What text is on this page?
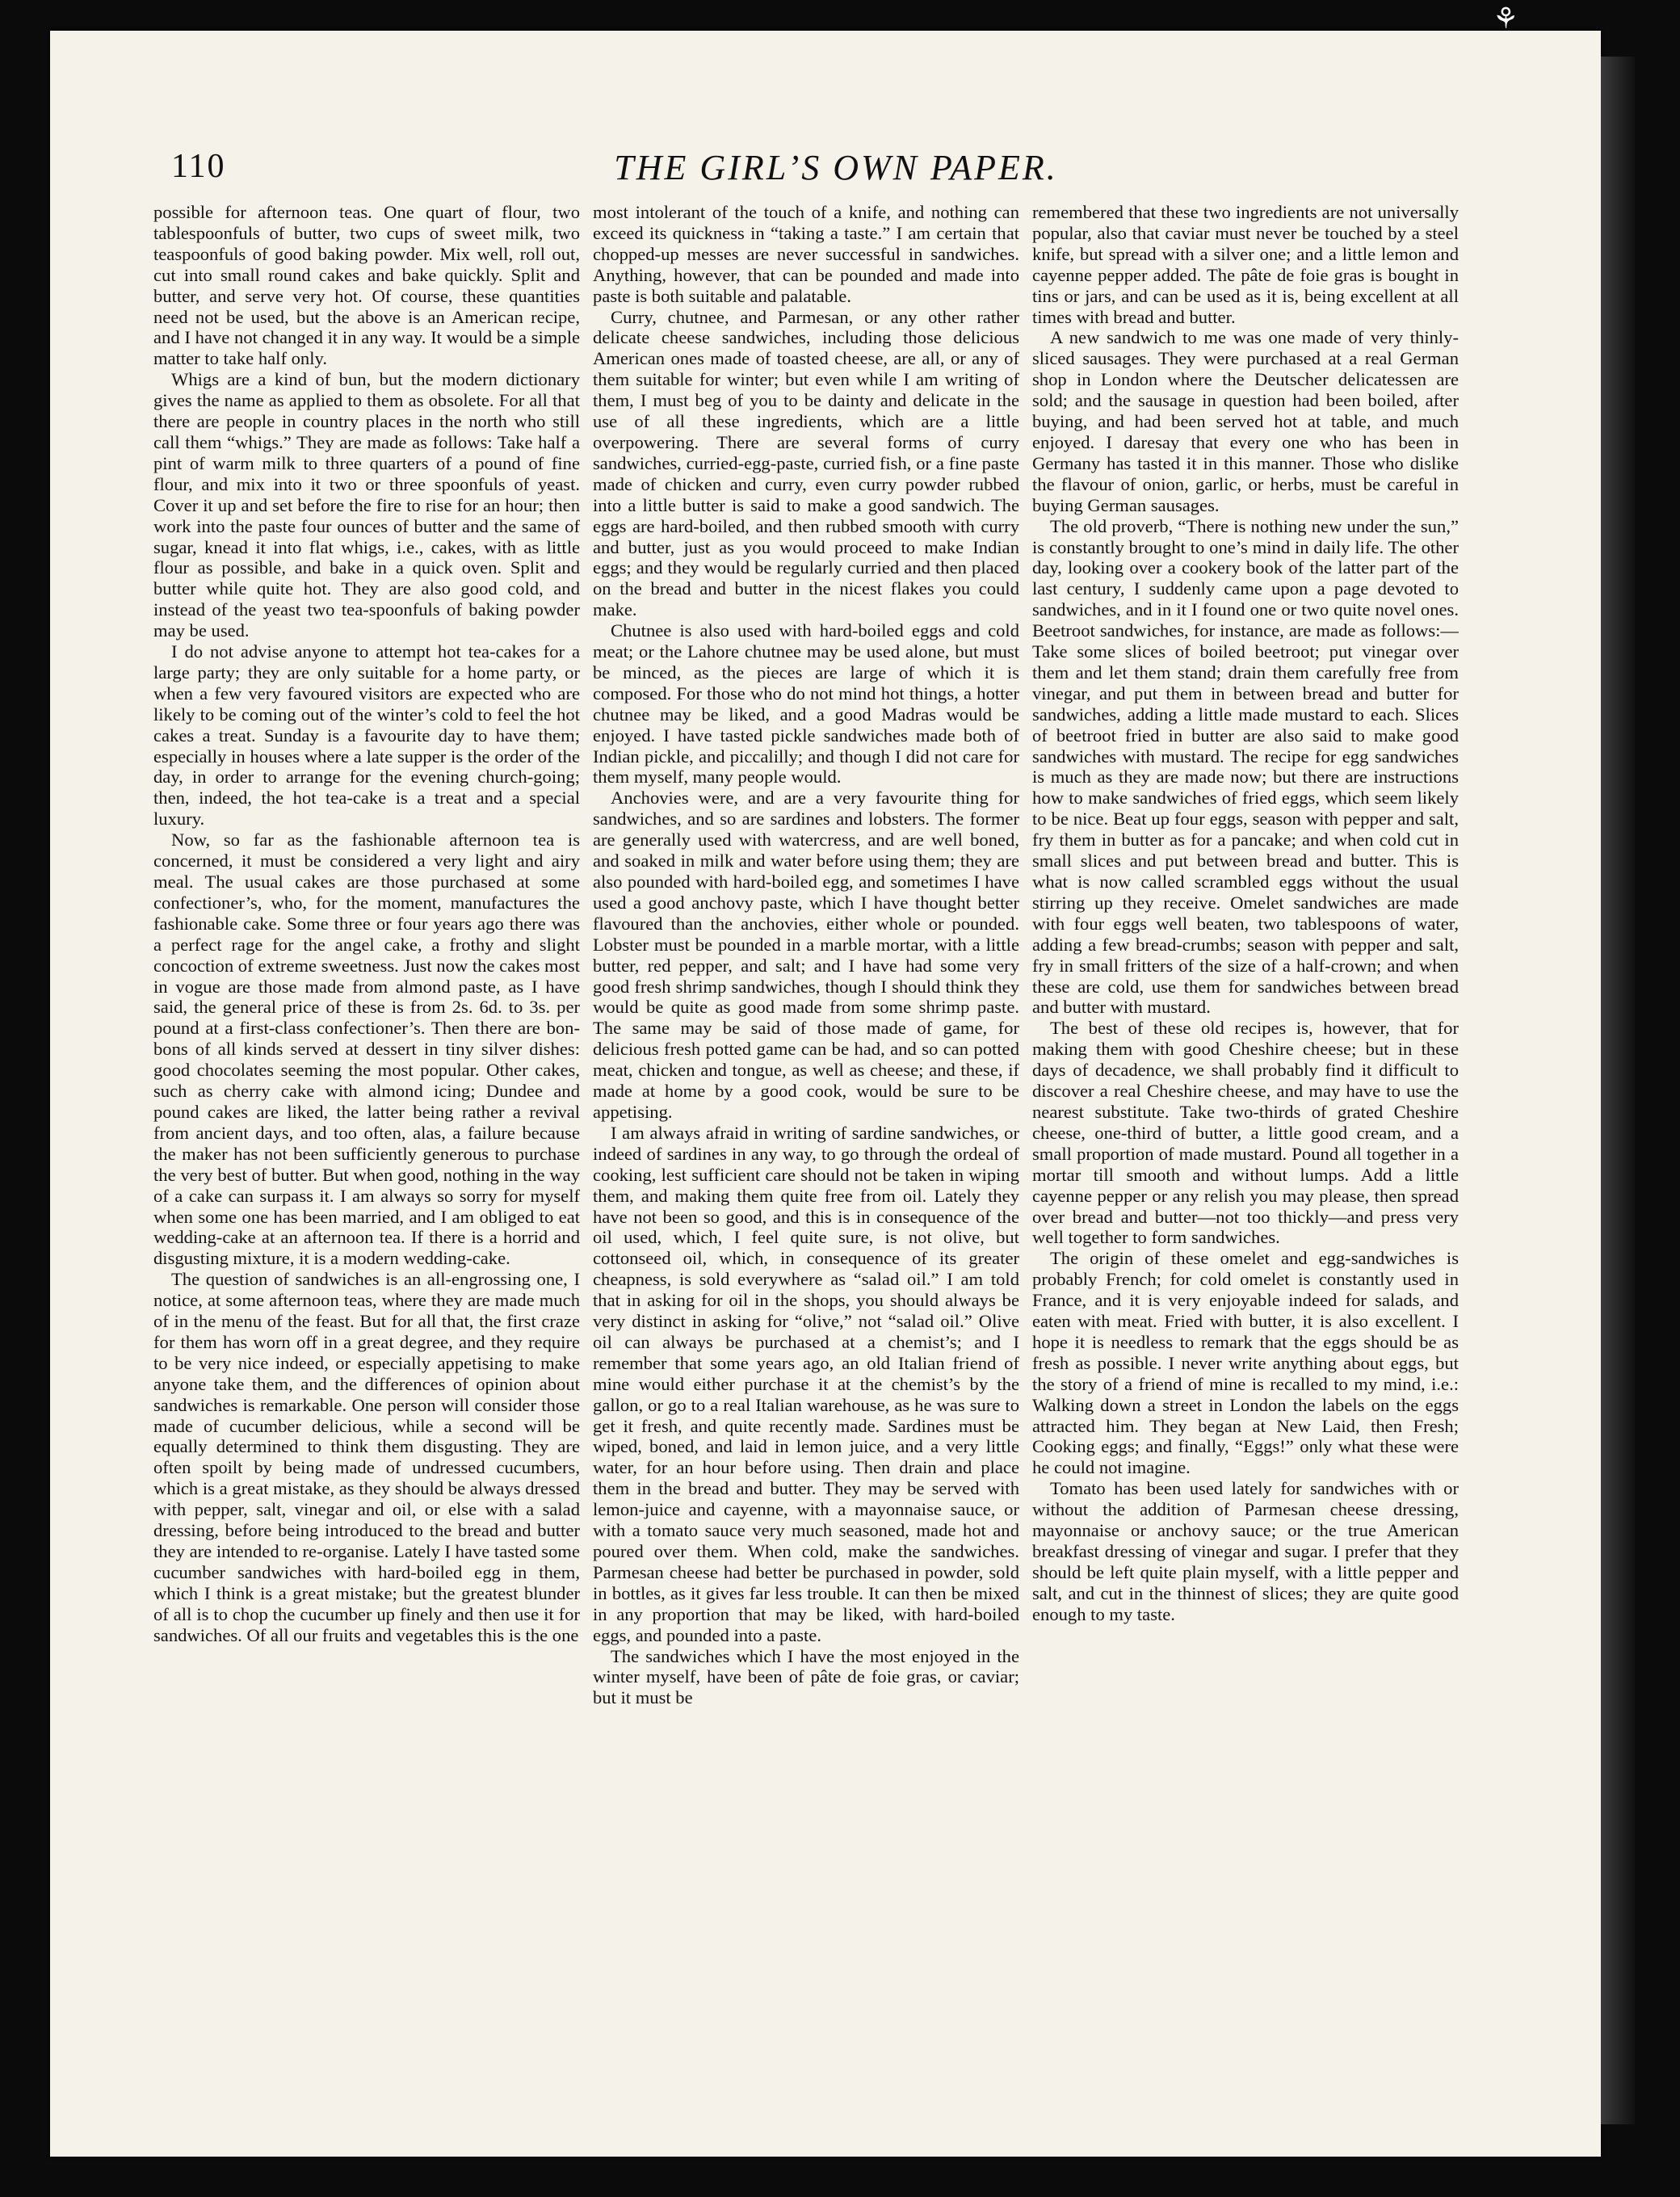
⚘
110	THE GIRL’S OWN PAPER.

possible for afternoon teas. One quart of flour, two tablespoonfuls of butter, two cups of sweet milk, two teaspoonfuls of good baking powder. Mix well, roll out, cut into small round cakes and bake quickly. Split and butter, and serve very hot. Of course, these quantities need not be used, but the above is an American recipe, and I have not changed it in any way. It would be a simple matter to take half only.

Whigs are a kind of bun, but the modern dictionary gives the name as applied to them as obsolete. For all that there are people in country places in the north who still call them “whigs.” They are made as follows: Take half a pint of warm milk to three quarters of a pound of fine flour, and mix into it two or three spoonfuls of yeast. Cover it up and set before the fire to rise for an hour; then work into the paste four ounces of butter and the same of sugar, knead it into flat whigs, i.e., cakes, with as little flour as possible, and bake in a quick oven. Split and butter while quite hot. They are also good cold, and instead of the yeast two tea-spoonfuls of baking powder may be used.

I do not advise anyone to attempt hot tea-cakes for a large party; they are only suitable for a home party, or when a few very favoured visitors are expected who are likely to be coming out of the winter’s cold to feel the hot cakes a treat. Sunday is a favourite day to have them; especially in houses where a late supper is the order of the day, in order to arrange for the evening church-going; then, indeed, the hot tea-cake is a treat and a special luxury.

Now, so far as the fashionable afternoon tea is concerned, it must be considered a very light and airy meal. The usual cakes are those purchased at some confectioner’s, who, for the moment, manufactures the fashionable cake. Some three or four years ago there was a perfect rage for the angel cake, a frothy and slight concoction of extreme sweetness. Just now the cakes most in vogue are those made from almond paste, as I have said, the general price of these is from 2s. 6d. to 3s. per pound at a first-class confectioner’s. Then there are bon-bons of all kinds served at dessert in tiny silver dishes: good chocolates seeming the most popular. Other cakes, such as cherry cake with almond icing; Dundee and pound cakes are liked, the latter being rather a revival from ancient days, and too often, alas, a failure because the maker has not been sufficiently generous to purchase the very best of butter. But when good, nothing in the way of a cake can surpass it. I am always so sorry for myself when some one has been married, and I am obliged to eat wedding-cake at an afternoon tea. If there is a horrid and disgusting mixture, it is a modern wedding-cake.

The question of sandwiches is an all-engrossing one, I notice, at some afternoon teas, where they are made much of in the menu of the feast. But for all that, the first craze for them has worn off in a great degree, and they require to be very nice indeed, or especially appetising to make anyone take them, and the differences of opinion about sandwiches is remarkable. One person will consider those made of cucumber delicious, while a second will be equally determined to think them disgusting. They are often spoilt by being made of undressed cucumbers, which is a great mistake, as they should be always dressed with pepper, salt, vinegar and oil, or else with a salad dressing, before being introduced to the bread and butter they are intended to re-organise. Lately I have tasted some cucumber sandwiches with hard-boiled egg in them, which I think is a great mistake; but the greatest blunder of all is to chop the cucumber up finely and then use it for sandwiches. Of all our fruits and vegetables this is the one

most intolerant of the touch of a knife, and nothing can exceed its quickness in “taking a taste.” I am certain that chopped-up messes are never successful in sandwiches. Anything, however, that can be pounded and made into paste is both suitable and palatable.

Curry, chutnee, and Parmesan, or any other rather delicate cheese sandwiches, including those delicious American ones made of toasted cheese, are all, or any of them suitable for winter; but even while I am writing of them, I must beg of you to be dainty and delicate in the use of all these ingredients, which are a little overpowering. There are several forms of curry sandwiches, curried-egg-paste, curried fish, or a fine paste made of chicken and curry, even curry powder rubbed into a little butter is said to make a good sandwich. The eggs are hard-boiled, and then rubbed smooth with curry and butter, just as you would proceed to make Indian eggs; and they would be regularly curried and then placed on the bread and butter in the nicest flakes you could make.

Chutnee is also used with hard-boiled eggs and cold meat; or the Lahore chutnee may be used alone, but must be minced, as the pieces are large of which it is composed. For those who do not mind hot things, a hotter chutnee may be liked, and a good Madras would be enjoyed. I have tasted pickle sandwiches made both of Indian pickle, and piccalilly; and though I did not care for them myself, many people would.

Anchovies were, and are a very favourite thing for sandwiches, and so are sardines and lobsters. The former are generally used with watercress, and are well boned, and soaked in milk and water before using them; they are also pounded with hard-boiled egg, and sometimes I have used a good anchovy paste, which I have thought better flavoured than the anchovies, either whole or pounded. Lobster must be pounded in a marble mortar, with a little butter, red pepper, and salt; and I have had some very good fresh shrimp sandwiches, though I should think they would be quite as good made from some shrimp paste. The same may be said of those made of game, for delicious fresh potted game can be had, and so can potted meat, chicken and tongue, as well as cheese; and these, if made at home by a good cook, would be sure to be appetising.

I am always afraid in writing of sardine sandwiches, or indeed of sardines in any way, to go through the ordeal of cooking, lest sufficient care should not be taken in wiping them, and making them quite free from oil. Lately they have not been so good, and this is in consequence of the oil used, which, I feel quite sure, is not olive, but cottonseed oil, which, in consequence of its greater cheapness, is sold everywhere as “salad oil.” I am told that in asking for oil in the shops, you should always be very distinct in asking for “olive,” not “salad oil.” Olive oil can always be purchased at a chemist’s; and I remember that some years ago, an old Italian friend of mine would either purchase it at the chemist’s by the gallon, or go to a real Italian warehouse, as he was sure to get it fresh, and quite recently made. Sardines must be wiped, boned, and laid in lemon juice, and a very little water, for an hour before using. Then drain and place them in the bread and butter. They may be served with lemon-juice and cayenne, with a mayonnaise sauce, or with a tomato sauce very much seasoned, made hot and poured over them. When cold, make the sandwiches. Parmesan cheese had better be purchased in powder, sold in bottles, as it gives far less trouble. It can then be mixed in any proportion that may be liked, with hard-boiled eggs, and pounded into a paste.

The sandwiches which I have the most enjoyed in the winter myself, have been of pâte de foie gras, or caviar; but it must be

remembered that these two ingredients are not universally popular, also that caviar must never be touched by a steel knife, but spread with a silver one; and a little lemon and cayenne pepper added. The pâte de foie gras is bought in tins or jars, and can be used as it is, being excellent at all times with bread and butter.

A new sandwich to me was one made of very thinly-sliced sausages. They were purchased at a real German shop in London where the Deutscher delicatessen are sold; and the sausage in question had been boiled, after buying, and had been served hot at table, and much enjoyed. I daresay that every one who has been in Germany has tasted it in this manner. Those who dislike the flavour of onion, garlic, or herbs, must be careful in buying German sausages.

The old proverb, “There is nothing new under the sun,” is constantly brought to one’s mind in daily life. The other day, looking over a cookery book of the latter part of the last century, I suddenly came upon a page devoted to sandwiches, and in it I found one or two quite novel ones. Beetroot sandwiches, for instance, are made as follows:—Take some slices of boiled beetroot; put vinegar over them and let them stand; drain them carefully free from vinegar, and put them in between bread and butter for sandwiches, adding a little made mustard to each. Slices of beetroot fried in butter are also said to make good sandwiches with mustard. The recipe for egg sandwiches is much as they are made now; but there are instructions how to make sandwiches of fried eggs, which seem likely to be nice. Beat up four eggs, season with pepper and salt, fry them in butter as for a pancake; and when cold cut in small slices and put between bread and butter. This is what is now called scrambled eggs without the usual stirring up they receive. Omelet sandwiches are made with four eggs well beaten, two tablespoons of water, adding a few bread-crumbs; season with pepper and salt, fry in small fritters of the size of a half-crown; and when these are cold, use them for sandwiches between bread and butter with mustard.

The best of these old recipes is, however, that for making them with good Cheshire cheese; but in these days of decadence, we shall probably find it difficult to discover a real Cheshire cheese, and may have to use the nearest substitute. Take two-thirds of grated Cheshire cheese, one-third of butter, a little good cream, and a small proportion of made mustard. Pound all together in a mortar till smooth and without lumps. Add a little cayenne pepper or any relish you may please, then spread over bread and butter—not too thickly—and press very well together to form sandwiches.

The origin of these omelet and egg-sandwiches is probably French; for cold omelet is constantly used in France, and it is very enjoyable indeed for salads, and eaten with meat. Fried with butter, it is also excellent. I hope it is needless to remark that the eggs should be as fresh as possible. I never write anything about eggs, but the story of a friend of mine is recalled to my mind, i.e.: Walking down a street in London the labels on the eggs attracted him. They began at New Laid, then Fresh; Cooking eggs; and finally, “Eggs!” only what these were he could not imagine.

Tomato has been used lately for sandwiches with or without the addition of Parmesan cheese dressing, mayonnaise or anchovy sauce; or the true American breakfast dressing of vinegar and sugar. I prefer that they should be left quite plain myself, with a little pepper and salt, and cut in the thinnest of slices; they are quite good enough to my taste.
